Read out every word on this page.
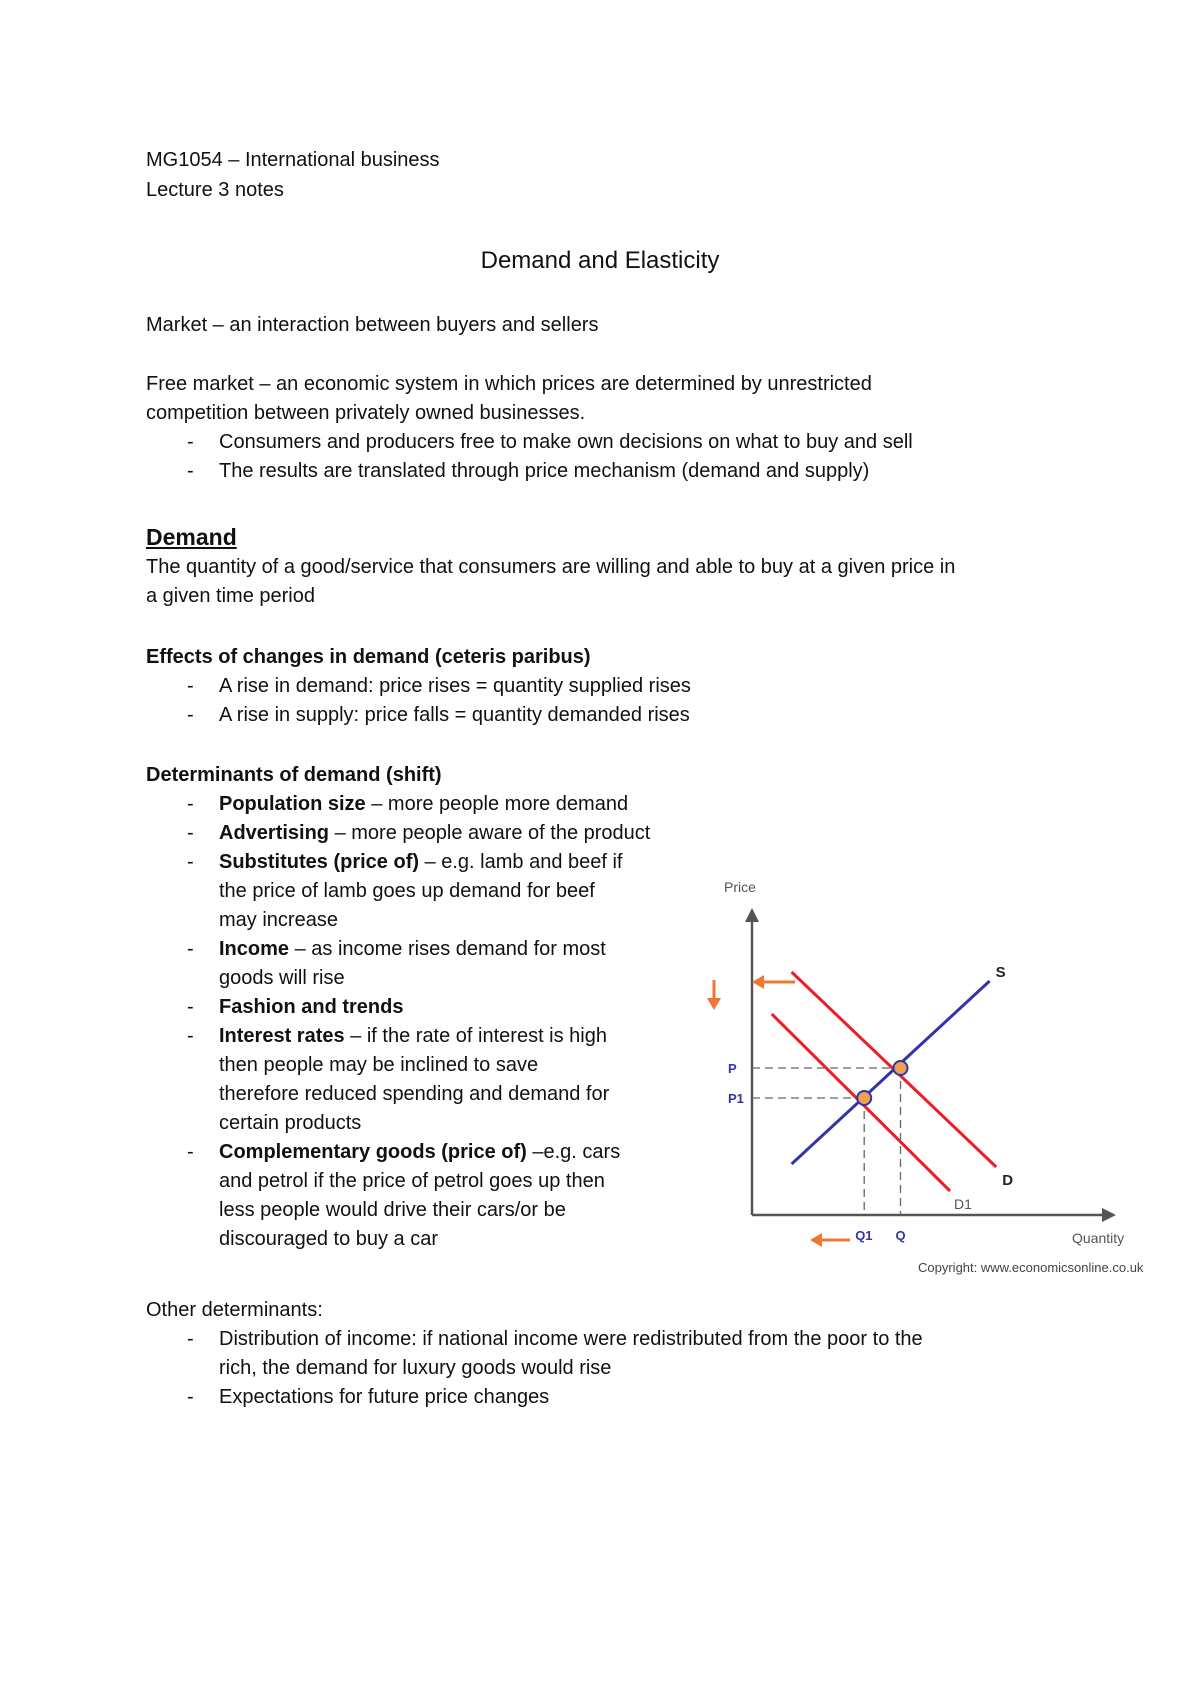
MG1054 – International business

Lecture 3 notes

Demand and Elasticity

Market – an interaction between buyers and sellers

Free market – an economic system in which prices are determined by unrestricted

competition between privately owned businesses.

- Consumers and producers free to make own decisions on what to buy and sell
- The results are translated through price mechanism (demand and supply)

Demand

The quantity of a good/service that consumers are willing and able to buy at a given price in

a given time period

Effects of changes in demand (ceteris paribus)

- A rise in demand: price rises = quantity supplied rises
- A rise in supply: price falls = quantity demanded rises

Determinants of demand (shift)

- Population size – more people more demand
- Advertising – more people aware of the product
- Substitutes (price of) – e.g. lamb and beef if
the price of lamb goes up demand for beef
may increase
- Income – as income rises demand for most
goods will rise
- Fashion and trends
- Interest rates – if the rate of interest is high
then people may be inclined to save
therefore reduced spending and demand for
certain products
- Complementary goods (price of) –e.g. cars
and petrol if the price of petrol goes up then
less people would drive their cars/or be
discouraged to buy a car

Other determinants:

- Distribution of income: if national income were redistributed from the poor to the
rich, the demand for luxury goods would rise
- Expectations for future price changes
Price
Quantity
Copyright: www.economicsonline.co.uk
S
D
D1
P
Q
P1
Q1
